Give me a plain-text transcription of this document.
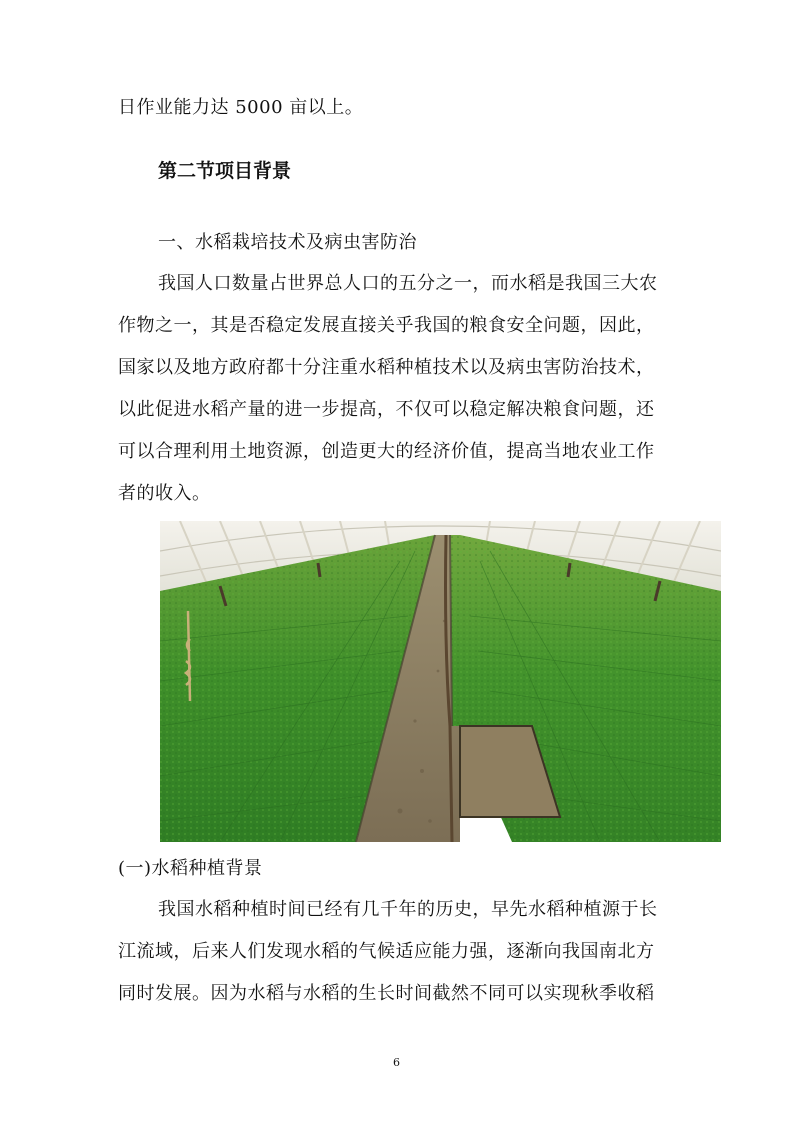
日作业能力达 5000 亩以上。
第二节项目背景
一、水稻栽培技术及病虫害防治
我国人口数量占世界总人口的五分之一，而水稻是我国三大农
作物之一，其是否稳定发展直接关乎我国的粮食安全问题，因此，
国家以及地方政府都十分注重水稻种植技术以及病虫害防治技术，
以此促进水稻产量的进一步提高，不仅可以稳定解决粮食问题，还
可以合理利用土地资源，创造更大的经济价值，提高当地农业工作
者的收入。
(一)水稻种植背景
我国水稻种植时间已经有几千年的历史，早先水稻种植源于长
江流域，后来人们发现水稻的气候适应能力强，逐渐向我国南北方
同时发展。因为水稻与水稻的生长时间截然不同可以实现秋季收稻
6
